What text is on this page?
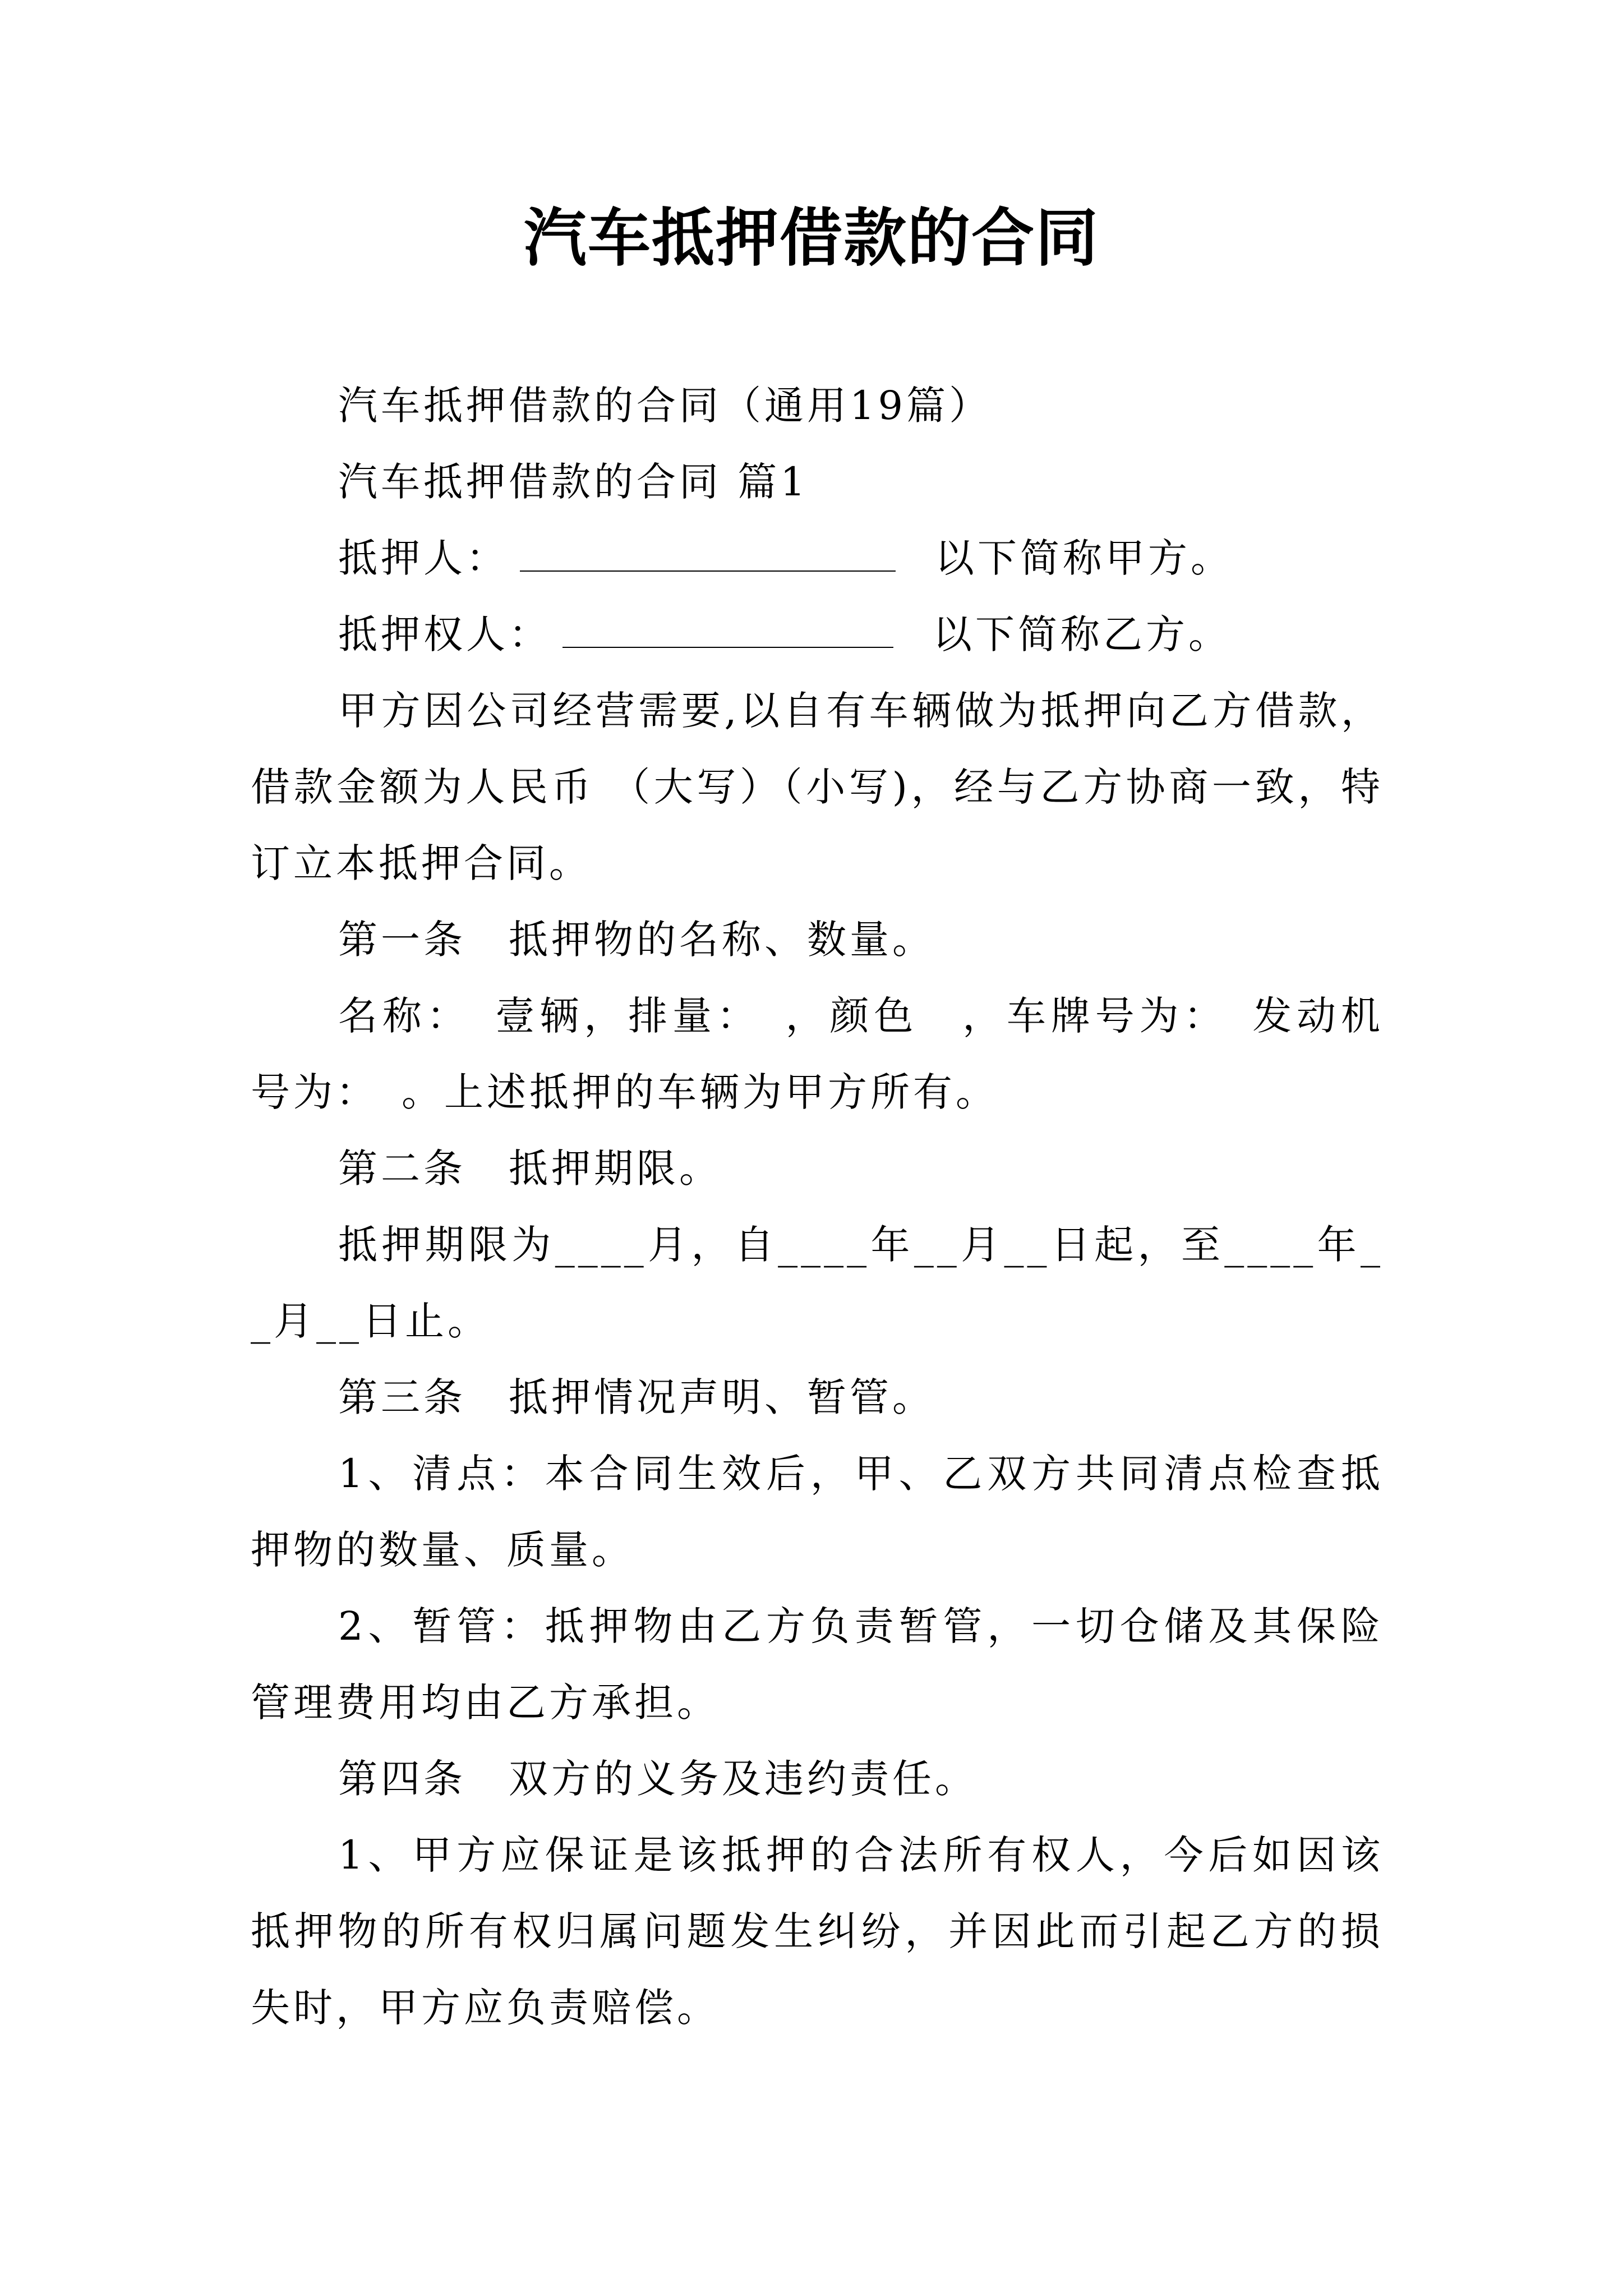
汽车抵押借款的合同

汽车抵押借款的合同（通用19篇）

汽车抵押借款的合同 篇1

抵押人：	以下简称甲方。

抵押权人：	以下简称乙方。

甲方因公司经营需要,以自有车辆做为抵押向乙方借款，借款金额为人民币 （大写）（小写)，经与乙方协商一致，特订立本抵押合同。

第一条　抵押物的名称、数量。

名称：　壹辆，排量：　，颜色　，车牌号为：　发动机号为：　。上述抵押的车辆为甲方所有。

第二条　抵押期限。

抵押期限为____月，自____年__月__日起，至____年__月__日止。

第三条　抵押情况声明、暂管。

1、清点：本合同生效后，甲、乙双方共同清点检查抵押物的数量、质量。

2、暂管：抵押物由乙方负责暂管，一切仓储及其保险管理费用均由乙方承担。

第四条　双方的义务及违约责任。

1、甲方应保证是该抵押的合法所有权人，今后如因该抵押物的所有权归属问题发生纠纷，并因此而引起乙方的损失时，甲方应负责赔偿。
